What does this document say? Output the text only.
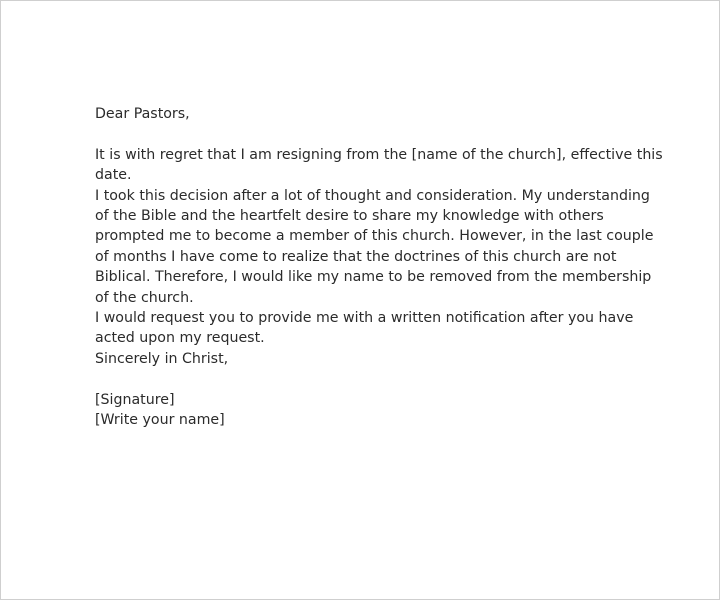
Dear Pastors,
It is with regret that I am resigning from the [name of the church], effective this
date.
I took this decision after a lot of thought and consideration. My understanding
of the Bible and the heartfelt desire to share my knowledge with others
prompted me to become a member of this church. However, in the last couple
of months I have come to realize that the doctrines of this church are not
Biblical. Therefore, I would like my name to be removed from the membership
of the church.
I would request you to provide me with a written notification after you have
acted upon my request.
Sincerely in Christ,
[Signature]
[Write your name]
